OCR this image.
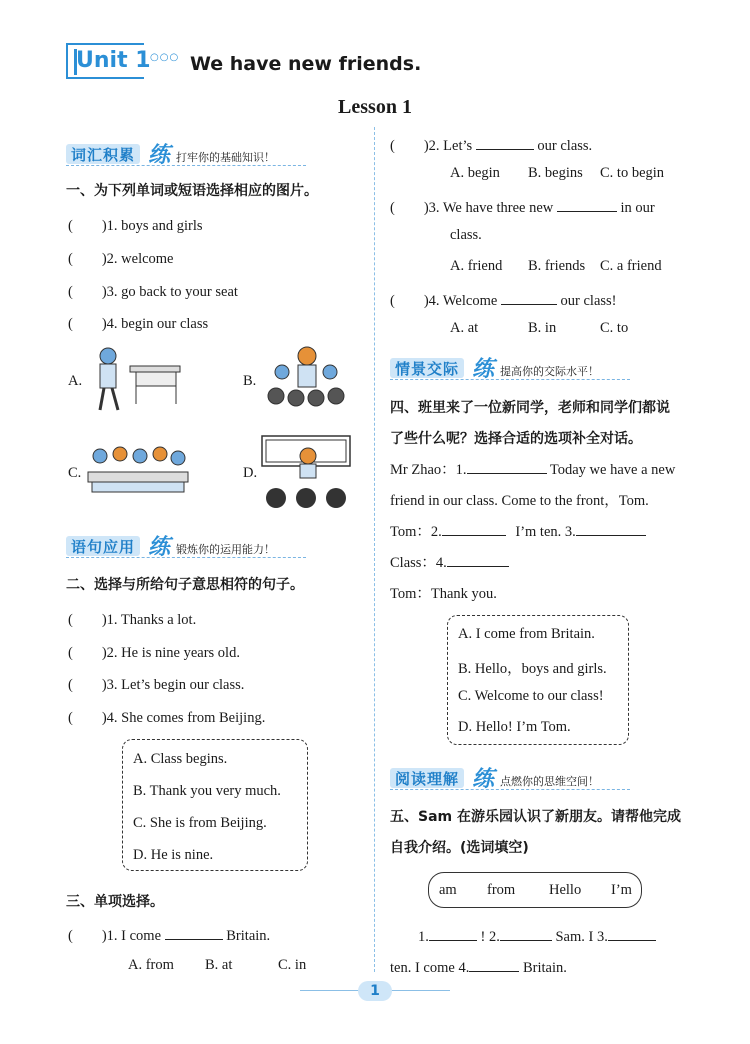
Unit 1 ○○○ We have new friends.
Lesson 1
词汇积累 练 打牢你的基础知识！
一、为下列单词或短语选择相应的图片。
(　　)1. boys and girls
(　　)2. welcome
(　　)3. go back to your seat
(　　)4. begin our class
A.	B.
C.	D.
语句应用 练 锻炼你的运用能力！
二、选择与所给句子意思相符的句子。
(　　)1. Thanks a lot.
(　　)2. He is nine years old.
(　　)3. Let’s begin our class.
(　　)4. She comes from Beijing.
A. Class begins.
B. Thank you very much.
C. She is from Beijing.
D. He is nine.
三、单项选择。
(　　)1. I come	Britain.
A. from B. at	C. in
(　　)2. Let’s	our class.
A. begin B. begins C. to begin
(　　)3. We have three new	in our
class.
A. friend B. friends C. a friend
(　　)4. Welcome	our class!
A. at	B. in	C. to
情景交际 练 提高你的交际水平！
四、班里来了一位新同学，老师和同学们都说
了些什么呢？选择合适的选项补全对话。
Mr Zhao：1.	Today we have a new
friend in our class. Come to the front，Tom.
Tom：2.	I’m ten. 3.
Class：4.
Tom：Thank you.
A. I come from Britain.
B. Hello，boys and girls.
C. Welcome to our class!
D. Hello! I’m Tom.
阅读理解 练 点燃你的思维空间！
五、Sam 在游乐园认识了新朋友。请帮他完成
自我介绍。(选词填空)
am from Hello I’m
1.	! 2.	Sam. I 3.
ten. I come 4.	Britain.
1
